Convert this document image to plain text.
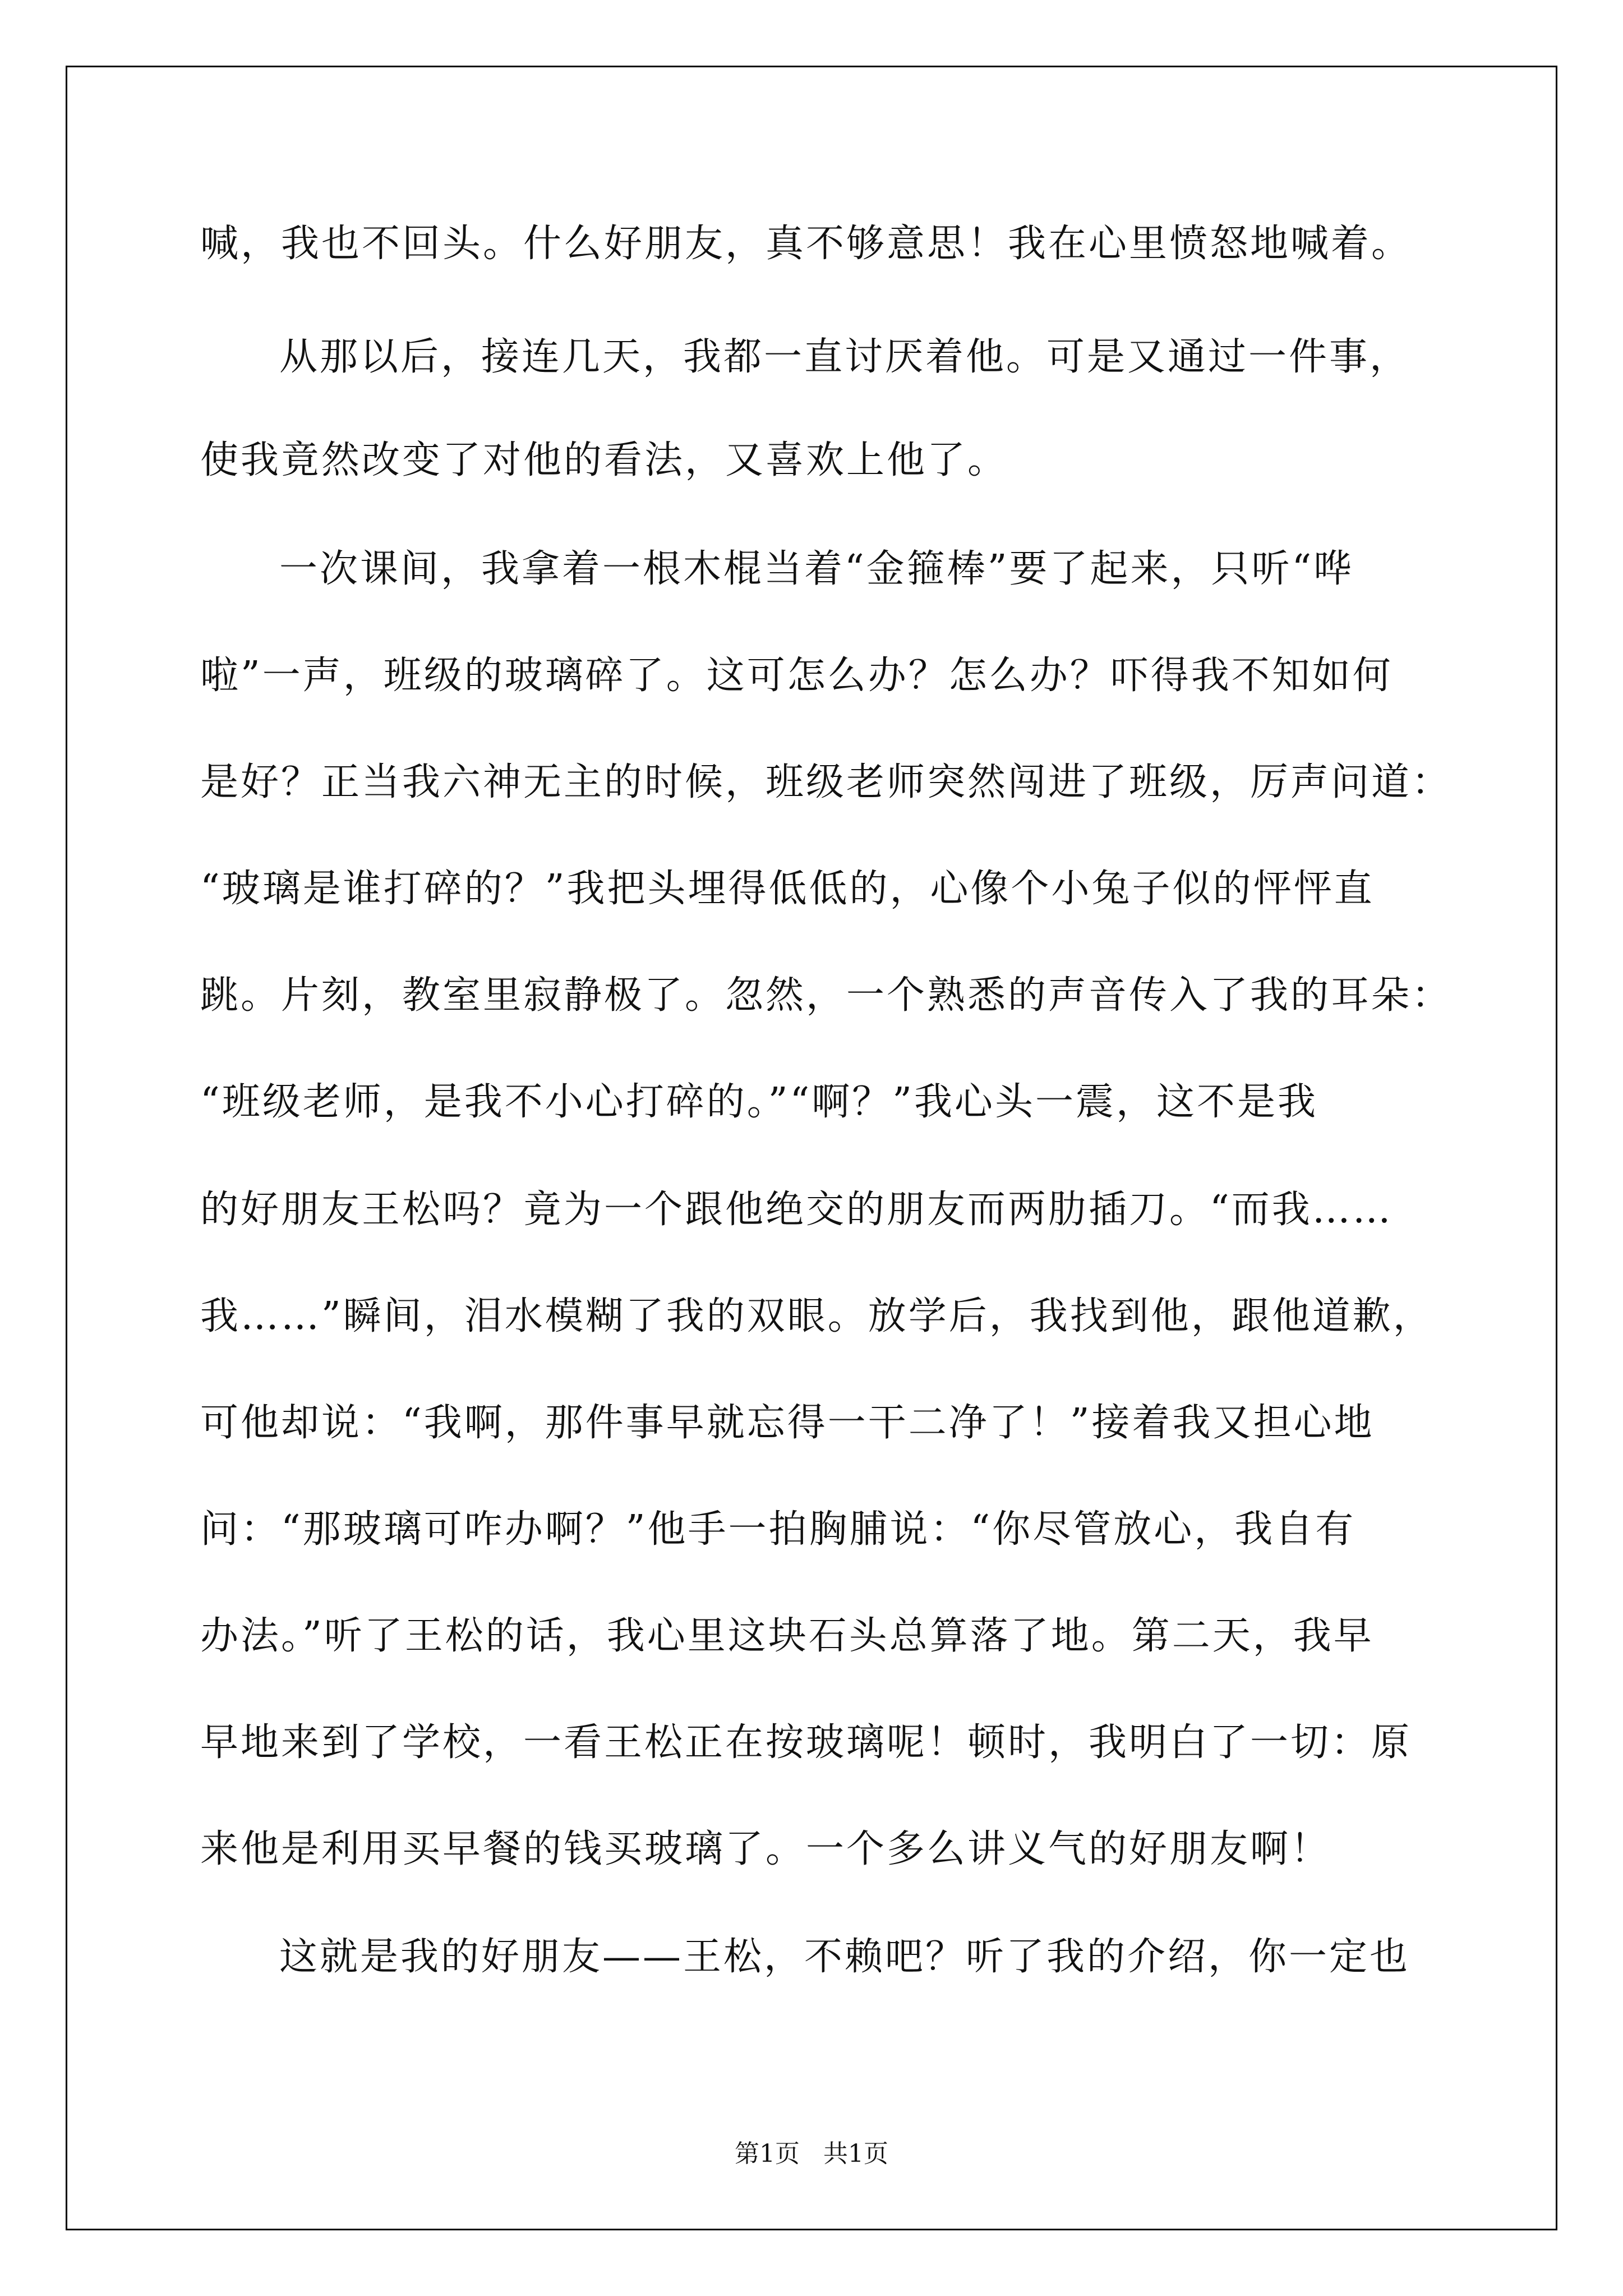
喊，我也不回头。什么好朋友，真不够意思！我在心里愤怒地喊着。
从那以后，接连几天，我都一直讨厌着他。可是又通过一件事，
使我竟然改变了对他的看法，又喜欢上他了。
一次课间，我拿着一根木棍当着“金箍棒”要了起来，只听“哗
啦”一声，班级的玻璃碎了。这可怎么办？怎么办？吓得我不知如何
是好？正当我六神无主的时候，班级老师突然闯进了班级，厉声问道：
“玻璃是谁打碎的？”我把头埋得低低的，心像个小兔子似的怦怦直
跳。片刻，教室里寂静极了。忽然，一个熟悉的声音传入了我的耳朵：
“班级老师，是我不小心打碎的。”“啊？”我心头一震，这不是我
的好朋友王松吗？竟为一个跟他绝交的朋友而两肋插刀。“而我……
我……”瞬间，泪水模糊了我的双眼。放学后，我找到他，跟他道歉，
可他却说：“我啊，那件事早就忘得一干二净了！”接着我又担心地
问：“那玻璃可咋办啊？”他手一拍胸脯说：“你尽管放心，我自有
办法。”听了王松的话，我心里这块石头总算落了地。第二天，我早
早地来到了学校，一看王松正在按玻璃呢！顿时，我明白了一切：原
来他是利用买早餐的钱买玻璃了。一个多么讲义气的好朋友啊！
这就是我的好朋友——王松，不赖吧？听了我的介绍，你一定也
第1页   共1页
